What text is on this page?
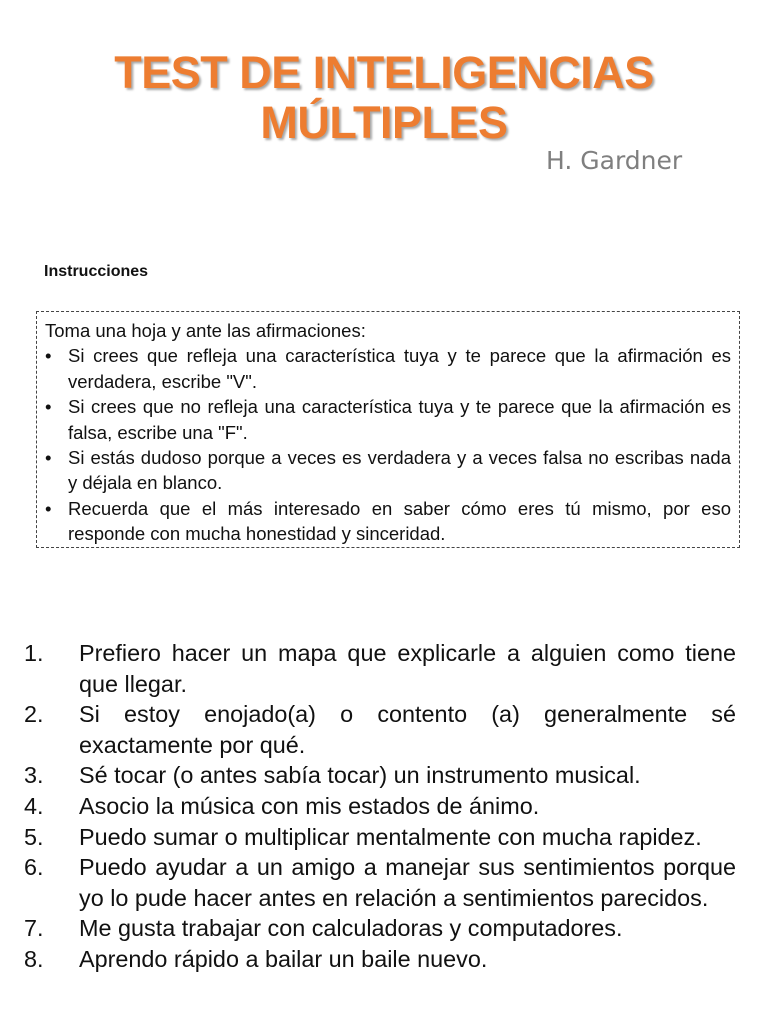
TEST DE INTELIGENCIAS
MÚLTIPLES
H. Gardner
Instrucciones

Toma una hoja y ante las afirmaciones:

• Si crees que refleja una característica tuya y te parece que la afirmación es verdadera, escribe "V".
• Si crees que no refleja una característica tuya y te parece que la afirmación es falsa, escribe una "F".
• Si estás dudoso porque a veces es verdadera y a veces falsa no escribas nada y déjala en blanco.
• Recuerda que el más interesado en saber cómo eres tú mismo, por eso responde con mucha honestidad y sinceridad.
1. Prefiero hacer un mapa que explicarle a alguien como tiene que llegar.
2. Si estoy enojado(a) o contento (a) generalmente sé exactamente por qué.
3. Sé tocar (o antes sabía tocar) un instrumento musical.
4. Asocio la música con mis estados de ánimo.
5. Puedo sumar o multiplicar mentalmente con mucha rapidez.
6. Puedo ayudar a un amigo a manejar sus sentimientos porque yo lo pude hacer antes en relación a sentimientos parecidos.
7. Me gusta trabajar con calculadoras y computadores.
8. Aprendo rápido a bailar un baile nuevo.
